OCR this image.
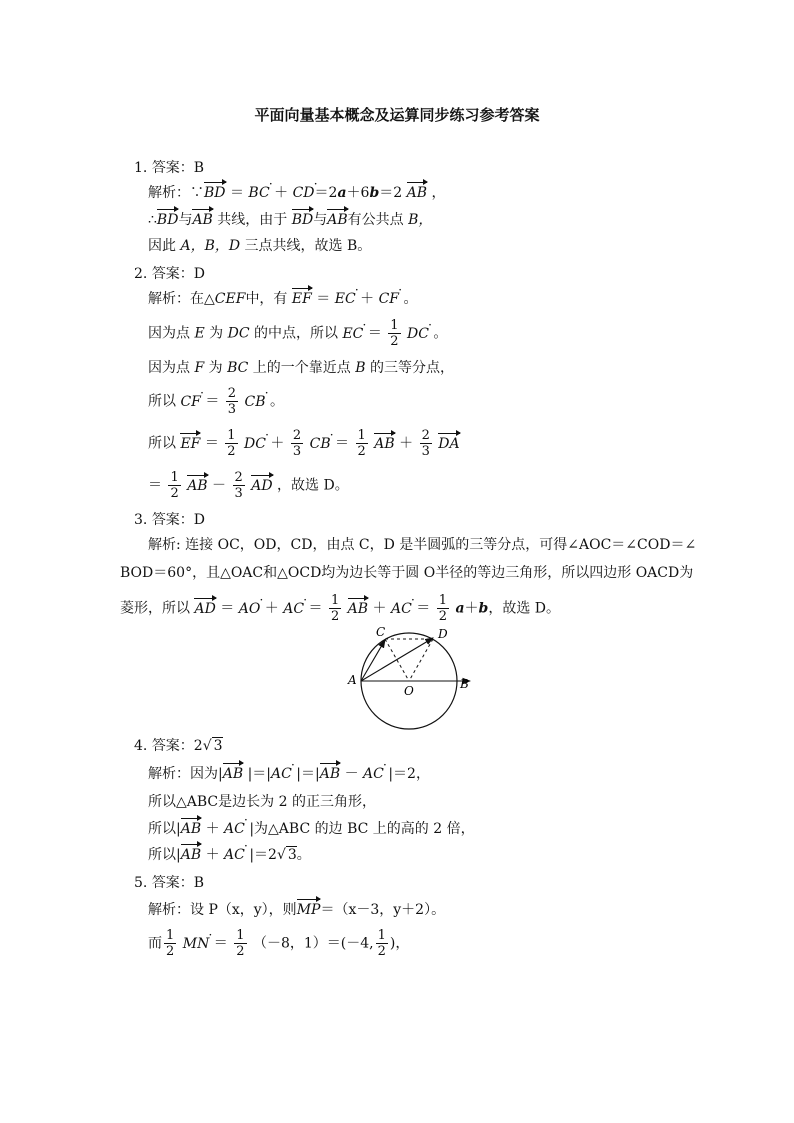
平面向量基本概念及运算同步练习参考答案
1. 答案：B
解析：∵BD ＝ BC · ＋ CD ·＝2a＋6b＝2 AB ，
∴BD与AB 共线，由于 BD与AB有公共点 B，
因此 A，B，D 三点共线，故选 B。
2. 答案：D
解析：在△CEF中，有 EF ＝ EC · ＋ CF · 。
因为点 E 为 DC 的中点，所以 EC · ＝ $\frac{1}{2}$ DC · 。
因为点 F 为 BC 上的一个靠近点 B 的三等分点，
所以 CF · ＝ $\frac{2}{3}$ CB · 。
所以 EF ＝ $\frac{1}{2}$ DC · ＋ $\frac{2}{3}$ CB · ＝ $\frac{1}{2}$ AB ＋ $\frac{2}{3}$ DA
＝ $\frac{1}{2}$ AB － $\frac{2}{3}$ AD ，故选 D。
3. 答案：D
解析: 连接 OC，OD，CD，由点 C，D 是半圆弧的三等分点，可得∠AOC＝∠COD＝∠
BOD＝60°，且△OAC和△OCD均为边长等于圆 O半径的等边三角形，所以四边形 OACD为
菱形，所以 AD ＝ AO · ＋ AC · ＝ $\frac{1}{2}$ AB ＋ AC · ＝ $\frac{1}{2} a+b$，故选 D。
C	D
A
O	B
4. 答案：2√ 3
解析：因为|AB |＝|AC · |＝|AB － AC · |＝2，
所以△ABC是边长为 2 的正三角形，
所以|AB ＋ AC · |为△ABC 的边 BC 上的高的 2 倍，
所以|AB ＋ AC · |＝2√ 3。
5. 答案：B
解析：设 P（x，y），则MP＝（x－3，y＋2）。
而 $\frac{1}{2}$ MN · ＝ $\frac{1}{2} (-8$，1）＝(－4, $\frac{1}{2}$ )，
